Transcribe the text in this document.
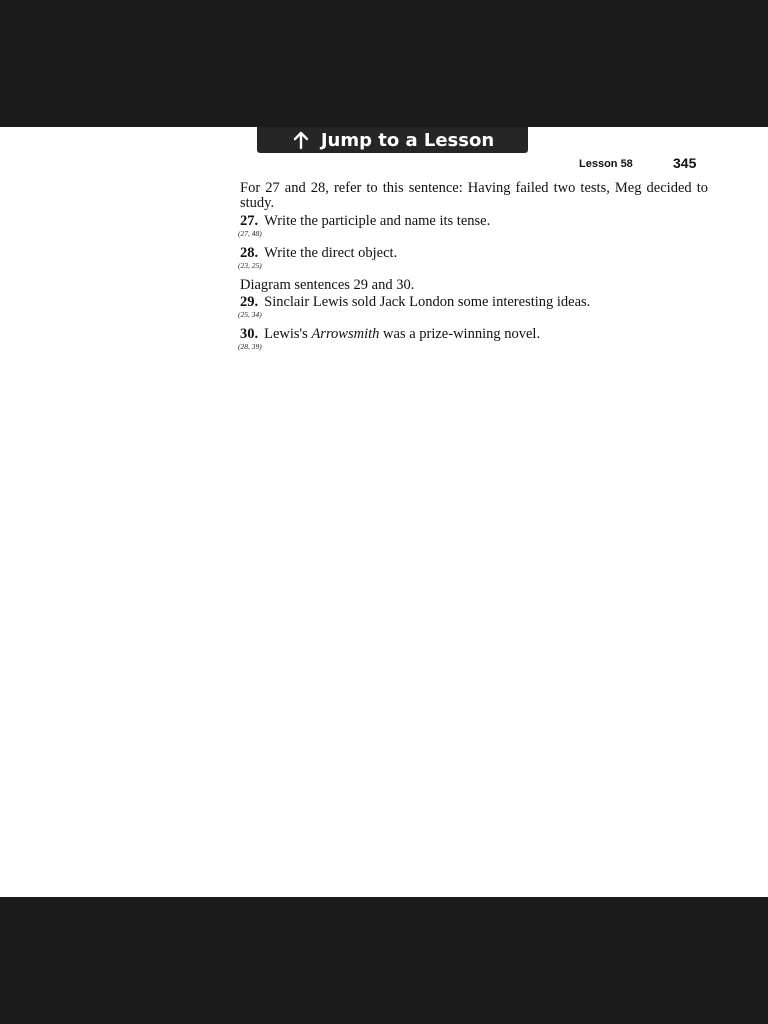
Jump to a Lesson
Lesson 58	345
For 27 and 28, refer to this sentence: Having failed two tests, Meg decided to study.
27. Write the participle and name its tense.
(27, 48)
28. Write the direct object.
(23, 25)
Diagram sentences 29 and 30.
29. Sinclair Lewis sold Jack London some interesting ideas.
(25, 34)
30. Lewis's Arrowsmith was a prize-winning novel.
(28, 39)
